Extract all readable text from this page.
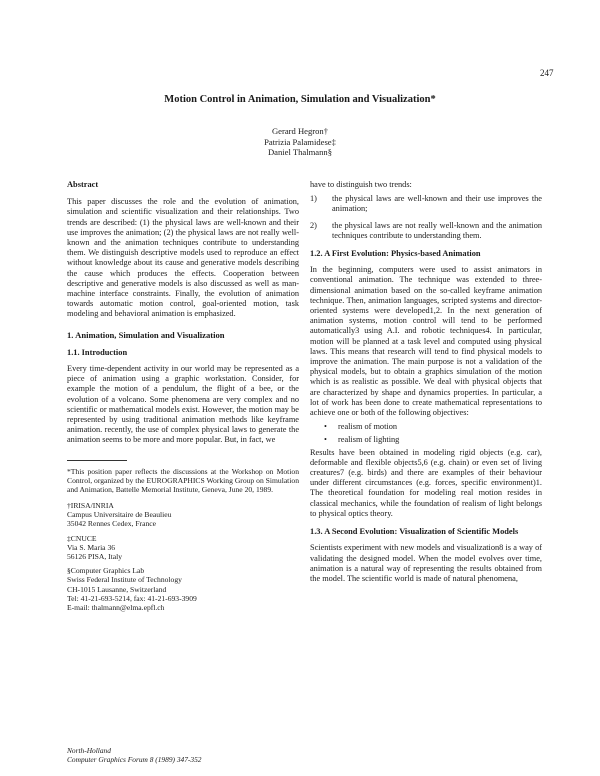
247
Motion Control in Animation, Simulation and Visualization*
Gerard Hegron†
Patrizia Palamidese‡
Daniel Thalmann§
Abstract

This paper discusses the role and the evolution of animation, simulation and scientific visualization and their relationships. Two trends are described: (1) the physical laws are well-known and their use improves the animation; (2) the physical laws are not really well-known and the animation techniques contribute to understanding them. We distinguish descriptive models used to reproduce an effect without knowledge about its cause and generative models describing the cause which produces the effects. Cooperation between descriptive and generative models is also discussed as well as man-machine interface constraints. Finally, the evolution of animation towards automatic motion control, goal-oriented motion, task modeling and behavioral animation is emphasized.

1. Animation, Simulation and Visualization
1.1. Introduction

Every time-dependent activity in our world may be represented as a piece of animation using a graphic workstation. Consider, for example the motion of a pendulum, the flight of a bee, or the evolution of a volcano. Some phenomena are very complex and no scientific or mathematical models exist. However, the motion may be represented by using traditional animation methods like keyframe animation. recently, the use of complex physical laws to generate the animation seems to be more and more popular. But, in fact, we

*This position paper reflects the discussions at the Workshop on Motion Control, organized by the EUROGRAPHICS Working Group on Simulation and Animation, Battelle Memorial Institute, Geneva, June 20, 1989.
†IRISA/INRIA
Campus Universitaire de Beaulieu
35042 Rennes Cedex, France
‡CNUCE
Via S. Maria 36
56126 PISA, Italy
§Computer Graphics Lab
Swiss Federal Institute of Technology
CH-1015 Lausanne, Switzerland
Tel: 41-21-693-5214, fax: 41-21-693-3909
E-mail: thalmann@elma.epfl.ch
North-Holland
Computer Graphics Forum 8 (1989) 347-352

have to distinguish two trends:

1)	the physical laws are well-known and their use improves the animation;
2)	the physical laws are not really well-known and the animation techniques contribute to understanding them.
1.2. A First Evolution: Physics-based Animation

In the beginning, computers were used to assist animators in conventional animation. The technique was extended to three-dimensional animation based on the so-called keyframe animation technique. Then, animation languages, scripted systems and director-oriented systems were developed1,2. In the next generation of animation systems, motion control will tend to be performed automatically3 using A.I. and robotic techniques4. In particular, motion will be planned at a task level and computed using physical laws. This means that research will tend to find physical models to improve the animation. The main purpose is not a validation of the physical models, but to obtain a graphics simulation of the motion which is as realistic as possible. We deal with physical objects that are characterized by shape and dynamics properties. In particular, a lot of work has been done to create mathematical representations to achieve one or both of the following objectives:

•	realism of motion
•	realism of lighting

Results have been obtained in modeling rigid objects (e.g. car), deformable and flexible objects5,6 (e.g. chain) or even set of living creatures7 (e.g. birds) and there are examples of their behaviour under different circumstances (e.g. forces, specific environment)1. The theoretical foundation for modeling real motion resides in classical mechanics, while the foundation of realism of light belongs to physical optics theory.

1.3. A Second Evolution: Visualization of Scientific Models

Scientists experiment with new models and visualization8 is a way of validating the designed model. When the model evolves over time, animation is a natural way of representing the results obtained from the model. The scientific world is made of natural phenomena,
